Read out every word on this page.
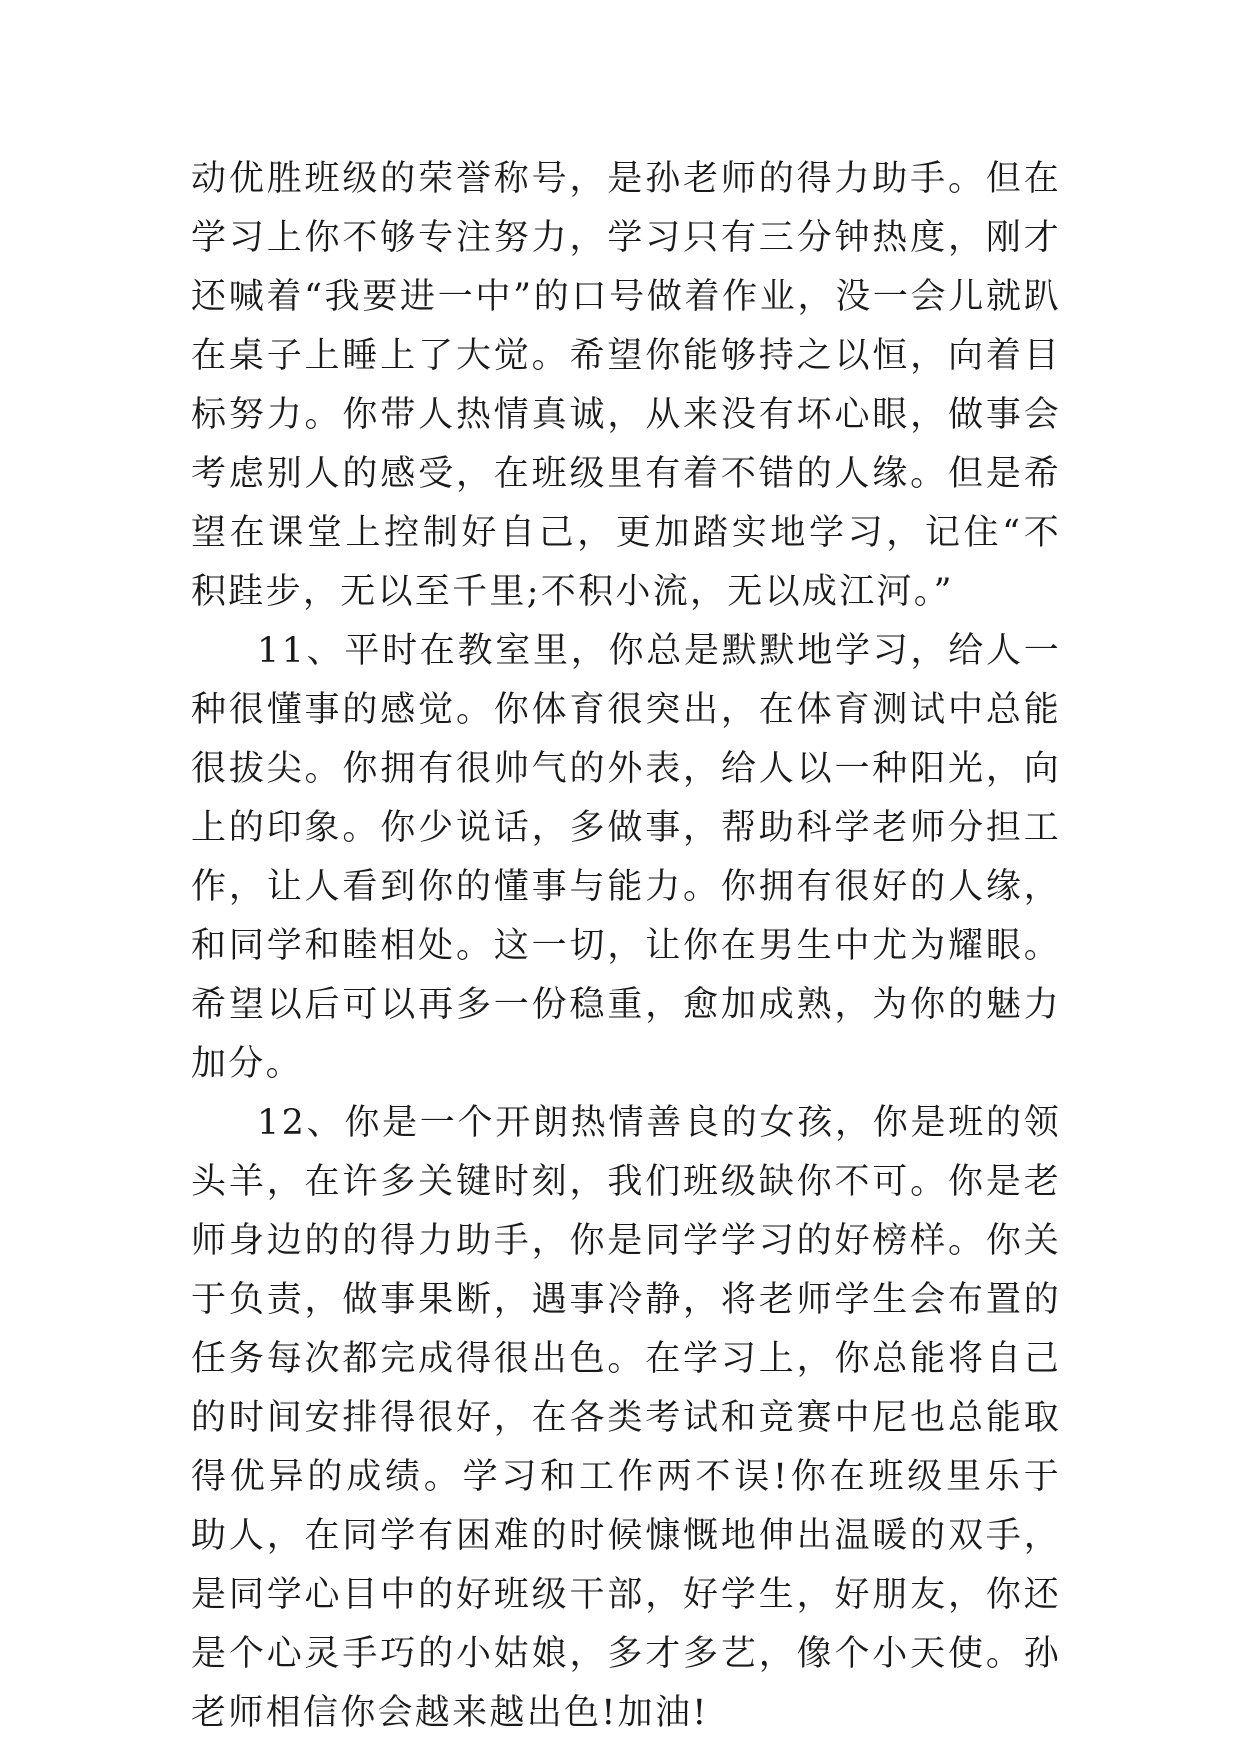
动优胜班级的荣誉称号，是孙老师的得力助手。但在学习上你不够专注努力，学习只有三分钟热度，刚才还喊着“我要进一中”的口号做着作业，没一会儿就趴在桌子上睡上了大觉。希望你能够持之以恒，向着目标努力。你带人热情真诚，从来没有坏心眼，做事会考虑别人的感受，在班级里有着不错的人缘。但是希望在课堂上控制好自己，更加踏实地学习，记住“不积跬步，无以至千里;不积小流，无以成江河。”

11、平时在教室里，你总是默默地学习，给人一种很懂事的感觉。你体育很突出，在体育测试中总能很拔尖。你拥有很帅气的外表，给人以一种阳光，向上的印象。你少说话，多做事，帮助科学老师分担工作，让人看到你的懂事与能力。你拥有很好的人缘，和同学和睦相处。这一切，让你在男生中尤为耀眼。希望以后可以再多一份稳重，愈加成熟，为你的魅力加分。

12、你是一个开朗热情善良的女孩，你是班的领头羊，在许多关键时刻，我们班级缺你不可。你是老师身边的的得力助手，你是同学学习的好榜样。你关于负责，做事果断，遇事冷静，将老师学生会布置的任务每次都完成得很出色。在学习上，你总能将自己的时间安排得很好，在各类考试和竞赛中尼也总能取得优异的成绩。学习和工作两不误!你在班级里乐于助人，在同学有困难的时候慷慨地伸出温暖的双手，是同学心目中的好班级干部，好学生，好朋友，你还是个心灵手巧的小姑娘，多才多艺，像个小天使。孙老师相信你会越来越出色!加油!
